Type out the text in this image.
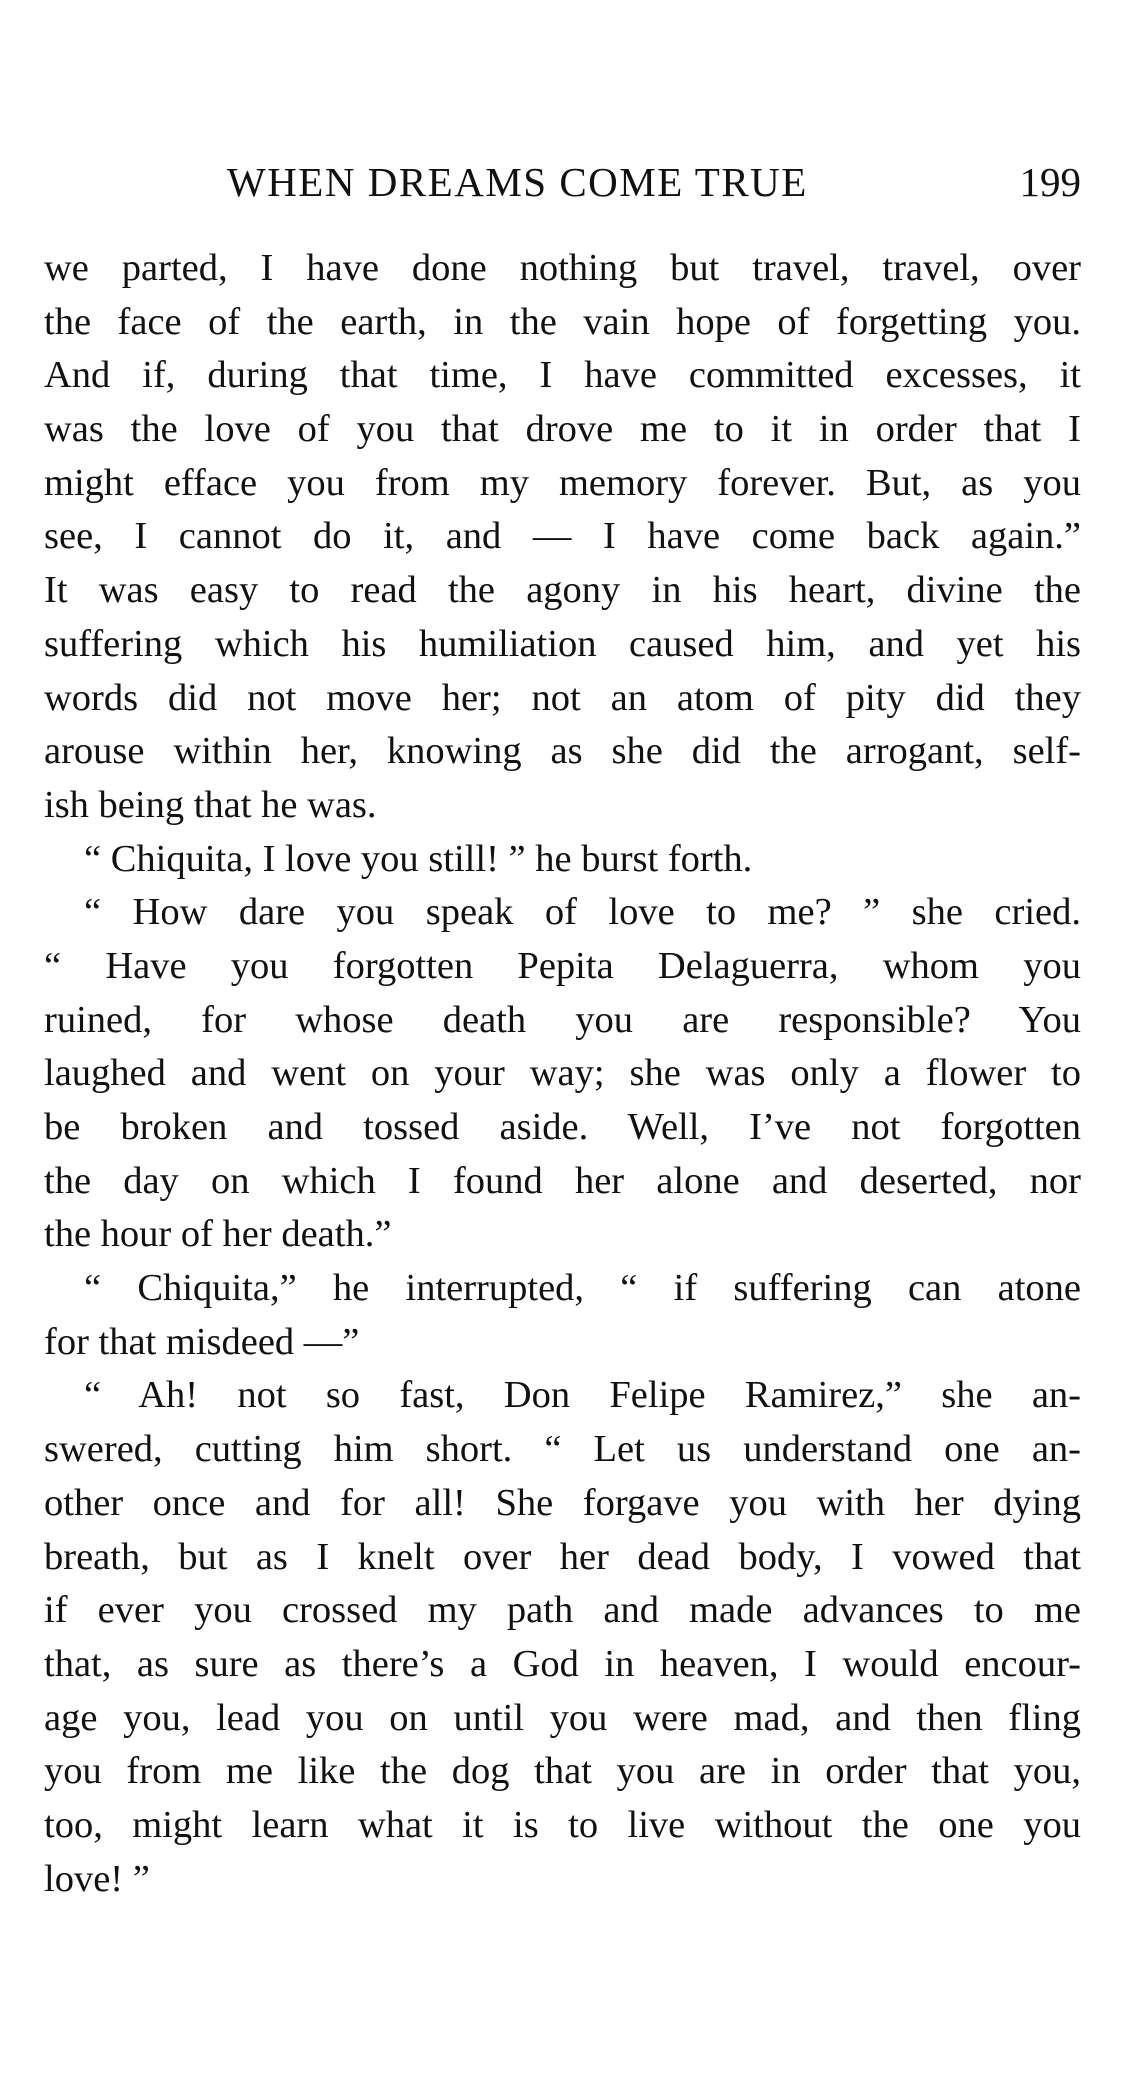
WHEN DREAMS COME TRUE	199
we parted, I have done nothing but travel, travel, over
the face of the earth, in the vain hope of forgetting you.
And if, during that time, I have committed excesses, it
was the love of you that drove me to it in order that I
might efface you from my memory forever. But, as you
see, I cannot do it, and — I have come back again.”
It was easy to read the agony in his heart, divine the
suffering which his humiliation caused him, and yet his
words did not move her; not an atom of pity did they
arouse within her, knowing as she did the arrogant, self-
ish being that he was.
“ Chiquita, I love you still! ” he burst forth.
“ How dare you speak of love to me? ” she cried.
“ Have you forgotten Pepita Delaguerra, whom you
ruined, for whose death you are responsible? You
laughed and went on your way; she was only a flower to
be broken and tossed aside. Well, I’ve not forgotten
the day on which I found her alone and deserted, nor
the hour of her death.”
“ Chiquita,” he interrupted, “ if suffering can atone
for that misdeed —”
“ Ah! not so fast, Don Felipe Ramirez,” she an-
swered, cutting him short. “ Let us understand one an-
other once and for all! She forgave you with her dying
breath, but as I knelt over her dead body, I vowed that
if ever you crossed my path and made advances to me
that, as sure as there’s a God in heaven, I would encour-
age you, lead you on until you were mad, and then fling
you from me like the dog that you are in order that you,
too, might learn what it is to live without the one you
love! ”
